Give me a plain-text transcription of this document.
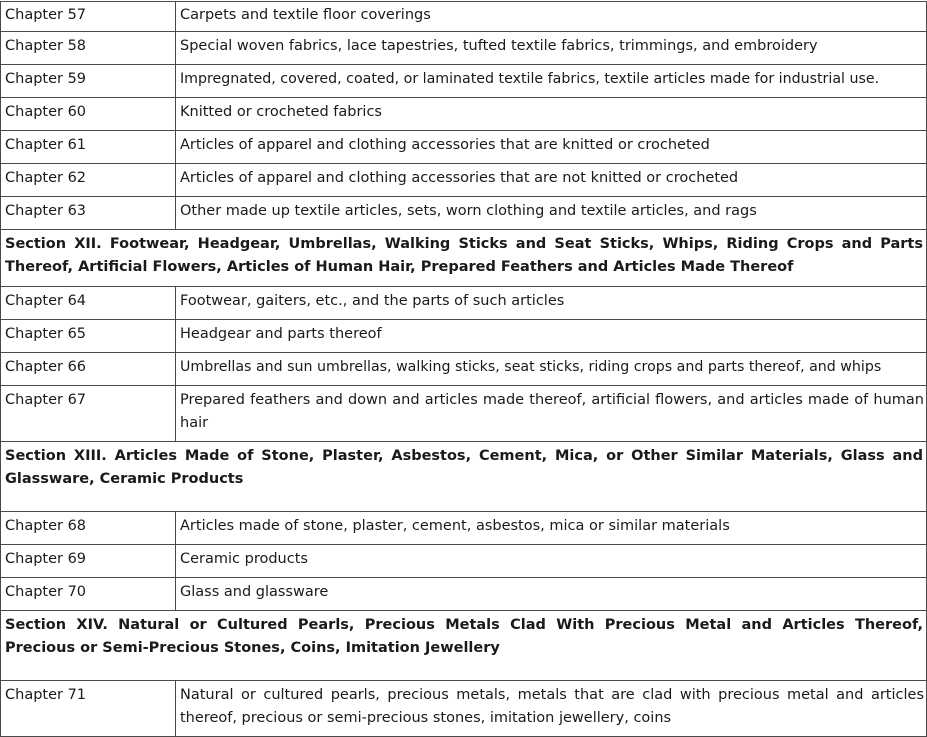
Chapter 57	Carpets and textile floor coverings
Chapter 58	Special woven fabrics, lace tapestries, tufted textile fabrics, trimmings, and embroidery
Chapter 59	Impregnated, covered, coated, or laminated textile fabrics, textile articles made for industrial use.
Chapter 60	Knitted or crocheted fabrics
Chapter 61	Articles of apparel and clothing accessories that are knitted or crocheted
Chapter 62	Articles of apparel and clothing accessories that are not knitted or crocheted
Chapter 63	Other made up textile articles, sets, worn clothing and textile articles, and rags
Section XII. Footwear, Headgear, Umbrellas, Walking Sticks and Seat Sticks, Whips, Riding Crops and Parts Thereof, Artificial Flowers, Articles of Human Hair, Prepared Feathers and Articles Made Thereof	
Chapter 64	Footwear, gaiters, etc., and the parts of such articles
Chapter 65	Headgear and parts thereof
Chapter 66	Umbrellas and sun umbrellas, walking sticks, seat sticks, riding crops and parts thereof, and whips
Chapter 67	Prepared feathers and down and articles made thereof, artificial flowers, and articles made of human hair
Section XIII. Articles Made of Stone, Plaster, Asbestos, Cement, Mica, or Other Similar Materials, Glass and Glassware, Ceramic Products	
Chapter 68	Articles made of stone, plaster, cement, asbestos, mica or similar materials
Chapter 69	Ceramic products
Chapter 70	Glass and glassware
Section XIV. Natural or Cultured Pearls, Precious Metals Clad With Precious Metal and Articles Thereof, Precious or Semi-Precious Stones, Coins, Imitation Jewellery	
Chapter 71	Natural or cultured pearls, precious metals, metals that are clad with precious metal and articles thereof, precious or semi-precious stones, imitation jewellery, coins
